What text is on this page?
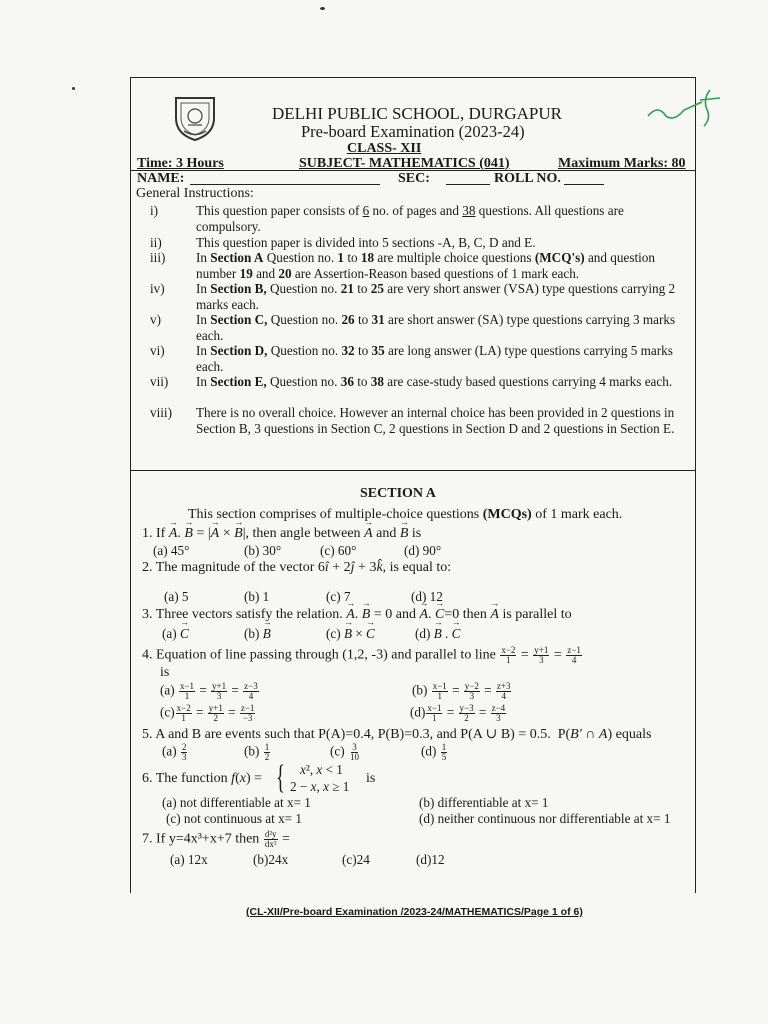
DELHI PUBLIC SCHOOL, DURGAPUR
Pre-board Examination (2023-24)
CLASS- XII
Time: 3 Hours	SUBJECT- MATHEMATICS (041)	Maximum Marks: 80
NAME:	SEC:	ROLL NO.
General Instructions:
i)	This question paper consists of 6 no. of pages and 38 questions. All questions are compulsory.
ii)	This question paper is divided into 5 sections -A, B, C, D and E.
iii) In Section A Question no. 1 to 18 are multiple choice questions (MCQ's) and question number 19 and 20 are Assertion-Reason based questions of 1 mark each.
iv) In Section B, Question no. 21 to 25 are very short answer (VSA) type questions carrying 2 marks each.
v)	In Section C, Question no. 26 to 31 are short answer (SA) type questions carrying 3 marks each.
vi) In Section D, Question no. 32 to 35 are long answer (LA) type questions carrying 5 marks each.
vii) In Section E, Question no. 36 to 38 are case-study based questions carrying 4 marks each.
viii) There is no overall choice. However an internal choice has been provided in 2 questions in Section B, 3 questions in Section C, 2 questions in Section D and 2 questions in Section E.
SECTION A
This section comprises of multiple-choice questions (MCQs) of 1 mark each.
1. If → A. → B = |→ A × → B|, then angle between → A and → B is
(a) 45°	(b) 30°	(c) 60°	(d) 90°
2. The magnitude of the vector 6î + 2ĵ + 3k̂, is equal to:
(a) 5	(b) 1	(c) 7	(d) 12
3. Three vectors satisfy the relation. → A. → B = 0 and → A. → C=0 then → A is parallel to
(a) → C	(b) → B	(c) → B × → C	(d) → B . → C
4. Equation of line passing through (1,2, -3) and parallel to line $\frac{x-2}{1} = \frac{y+1}{3} = \frac{z-1}{4}$
is
$(a) \frac{x-1}{1} = \frac{y+1}{3} = \frac{z-3}{4}$	$(b) \frac{x-1}{1} = \frac{y-2}{3} = \frac{z+3}{4}$
$(c) \frac{x-2}{1} = \frac{y+1}{2} = \frac{z-1}{-3}$	$(d) \frac{x-1}{1} = \frac{y-3}{2} = \frac{z-4}{3}$
5. A and B are events such that P(A)=0.4, P(B)=0.3, and P(A ∪ B) = 0.5.  P(B′ ∩ A) equals
$(a) \frac{2}{3}$	$(b) \frac{1}{2}$	$(c) \frac{3}{10}$	$(d) \frac{1}{5}$
6. The function f(x) = { x², x < 1
2 − x, x ≥ 1
is
(a) not differentiable at x= 1	(b) differentiable at x= 1
(c) not continuous at x= 1	(d) neither continuous nor differentiable at x= 1
7. If y=4x³+x+7 then $\frac{\text{d²y}}{\text{dx²}}$ =
(a) 12x	(b)24x	(c)24	(d)12
(CL-XII/Pre-board Examination /2023-24/MATHEMATICS/Page 1 of 6)
